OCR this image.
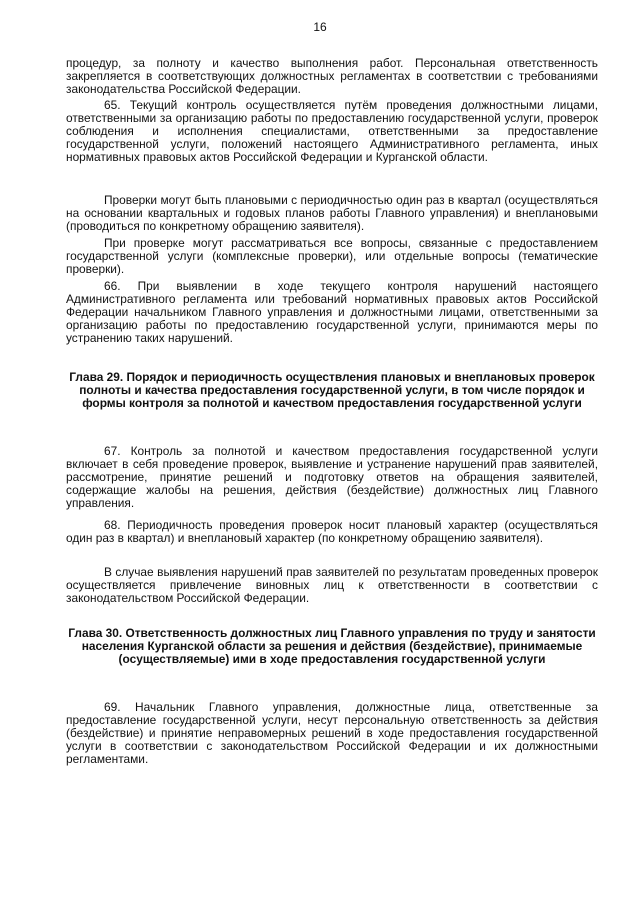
16

процедур, за полноту и качество выполнения работ. Персональная ответственность закрепляется в соответствующих должностных регламентах в соответствии с требованиями законодательства Российской Федерации.

65. Текущий контроль осуществляется путём проведения должностными лицами, ответственными за организацию работы по предоставлению государственной услуги, проверок соблюдения и исполнения специалистами, ответственными за предоставление государственной услуги, положений настоящего Административного регламента, иных нормативных правовых актов Российской Федерации и Курганской области.

Проверки могут быть плановыми с периодичностью один раз в квартал (осуществляться на основании квартальных и годовых планов работы Главного управления) и внеплановыми (проводиться по конкретному обращению заявителя).

При проверке могут рассматриваться все вопросы, связанные с предоставлением государственной услуги (комплексные проверки), или отдельные вопросы (тематические проверки).

66. При выявлении в ходе текущего контроля нарушений настоящего Административного регламента или требований нормативных правовых актов Российской Федерации начальником Главного управления и должностными лицами, ответственными за организацию работы по предоставлению государственной услуги, принимаются меры по устранению таких нарушений.

Глава 29. Порядок и периодичность осуществления плановых и внеплановых проверок полноты и качества предоставления государственной услуги, в том числе порядок и формы контроля за полнотой и качеством предоставления государственной услуги

67. Контроль за полнотой и качеством предоставления государственной услуги включает в себя проведение проверок, выявление и устранение нарушений прав заявителей, рассмотрение, принятие решений и подготовку ответов на обращения заявителей, содержащие жалобы на решения, действия (бездействие) должностных лиц Главного управления.

68. Периодичность проведения проверок носит плановый характер (осуществляться один раз в квартал) и внеплановый характер (по конкретному обращению заявителя).

В случае выявления нарушений прав заявителей по результатам проведенных проверок осуществляется привлечение виновных лиц к ответственности в соответствии с законодательством Российской Федерации.

Глава 30. Ответственность должностных лиц Главного управления по труду и занятости населения Курганской области за решения и действия (бездействие), принимаемые (осуществляемые) ими в ходе предоставления государственной услуги

69. Начальник Главного управления, должностные лица, ответственные за предоставление государственной услуги, несут персональную ответственность за действия (бездействие) и принятие неправомерных решений в ходе предоставления государственной услуги в соответствии с законодательством Российской Федерации и их должностными регламентами.
